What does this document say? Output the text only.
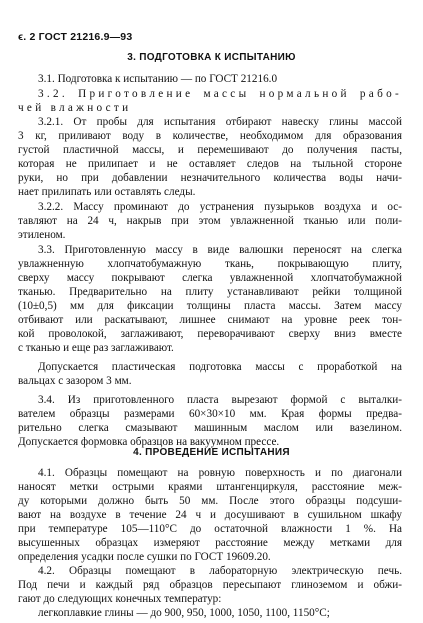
ϵ. 2 ГОСТ 21216.9—93
3. ПОДГОТОВКА К ИСПЫТАНИЮ
3.1. Подготовка к испытанию — по ГОСТ 21216.0
3.2. Приготовление массы нормальной рабо-
чей влажности
3.2.1. От пробы для испытания отбирают навеску глины массой
3 кг, приливают воду в количестве, необходимом для образования
густой пластичной массы, и перемешивают до получения пасты,
которая не прилипает и не оставляет следов на тыльной стороне
руки, но при добавлении незначительного количества воды начи-
нает прилипать или оставлять следы.
3.2.2. Массу проминают до устранения пузырьков воздуха и ос-
тавляют на 24 ч, накрыв при этом увлажненной тканью или поли-
этиленом.
3.3. Приготовленную массу в виде валюшки переносят на слегка
увлажненную хлопчатобумажную ткань, покрывающую плиту,
сверху массу покрывают слегка увлажненной хлопчатобумажной
тканью. Предварительно на плиту устанавливают рейки толщиной
(10±0,5) мм для фиксации толщины пласта массы. Затем массу
отбивают или раскатывают, лишнее снимают на уровне реек тон-
кой проволокой, заглаживают, переворачивают сверху вниз вместе
с тканью и еще раз заглаживают.
Допускается пластическая подготовка массы с проработкой на
вальцах с зазором 3 мм.
3.4. Из приготовленного пласта вырезают формой с выталки-
вателем образцы размерами 60×30×10 мм. Края формы предва-
рительно слегка смазывают машинным маслом или вазелином.
Допускается формовка образцов на вакуумном прессе.
4. ПРОВЕДЕНИЕ ИСПЫТАНИЯ
4.1. Образцы помещают на ровную поверхность и по диагонали
наносят метки острыми краями штангенциркуля, расстояние меж-
ду которыми должно быть 50 мм. После этого образцы подсуши-
вают на воздухе в течение 24 ч и досушивают в сушильном шкафу
при температуре 105—110°С до остаточной влажности 1 %. На
высушенных образцах измеряют расстояние между метками для
определения усадки после сушки по ГОСТ 19609.20.
4.2. Образцы помещают в лабораторную электрическую печь.
Под печи и каждый ряд образцов пересыпают глиноземом и обжи-
гают до следующих конечных температур:
легкоплавкие глины — до 900, 950, 1000, 1050, 1100, 1150°С;
